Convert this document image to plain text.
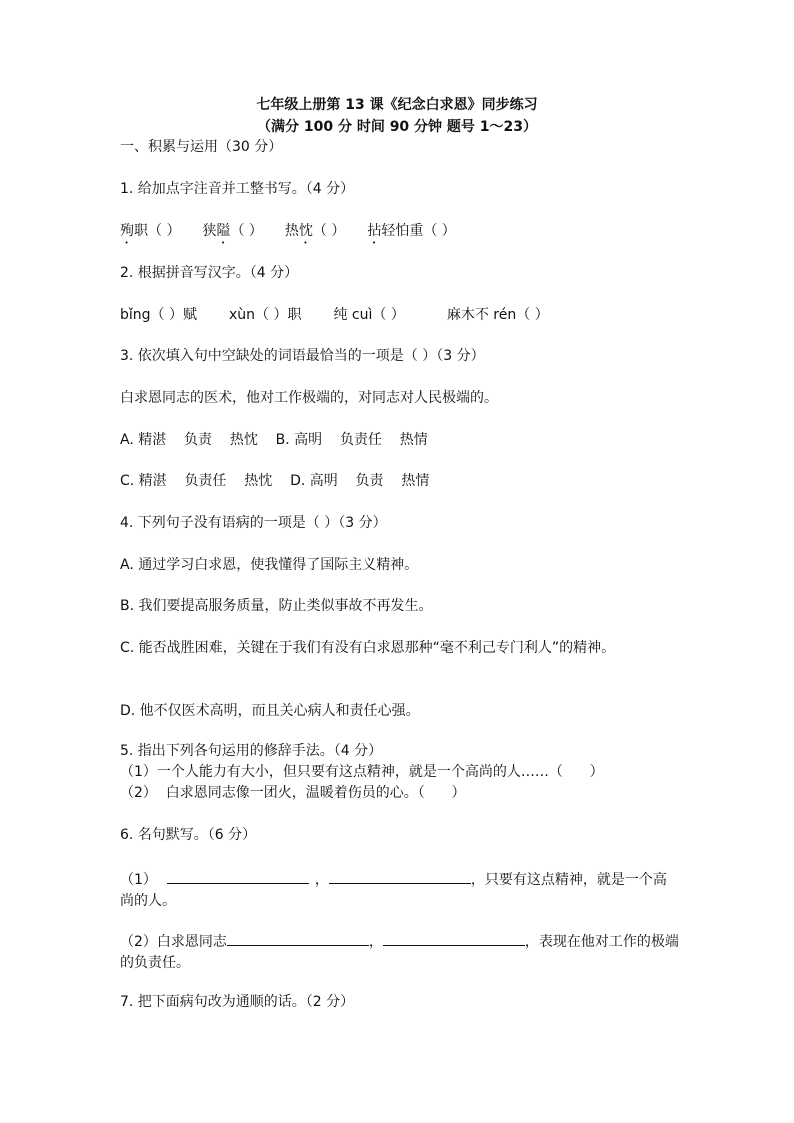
七年级上册第 13 课《纪念白求恩》同步练习

（满分 100 分 时间 90 分钟 题号 1～23）

一、积累与运用（30 分）
1. 给加点字注音并工整书写。（4 分）
殉职（ ） 狭隘（ ） 热忱（ ） 拈轻怕重（ ）
2. 根据拼音写汉字。（4 分）
bǐng（ ）赋 xùn（ ）职 纯 cuì（ ）	麻木不 rén（ ）
3. 依次填入句中空缺处的词语最恰当的一项是（ ）（3 分）
白求恩同志的医术，他对工作极端的，对同志对人民极端的。
A. 精湛    负责    热忱    B. 高明    负责任    热情
C. 精湛    负责任    热忱    D. 高明    负责    热情
4. 下列句子没有语病的一项是（ ）（3 分）
A. 通过学习白求恩，使我懂得了国际主义精神。
B. 我们要提高服务质量，防止类似事故不再发生。
C. 能否战胜困难，关键在于我们有没有白求恩那种“毫不利己专门利人”的精神。
D. 他不仅医术高明，而且关心病人和责任心强。
5. 指出下列各句运用的修辞手法。（4 分）
（1）一个人能力有大小，但只要有这点精神，就是一个高尚的人……（      ）
（2）  白求恩同志像一团火，温暖着伤员的心。（      ）
6. 名句默写。（6 分）
（1）	，	，只要有这点精神，就是一个高尚的人。
（2）白求恩同志	，	，表现在他对工作的极端的负责任。
7. 把下面病句改为通顺的话。（2 分）
